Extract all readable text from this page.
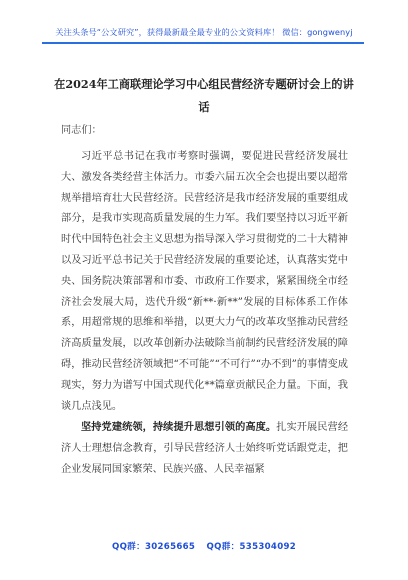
关注头条号“公文研究”，获得最新最全最专业的公文资料库！ 微信：gongwenyj
在2024年工商联理论学习中心组民营经济专题研讨会上的讲话
同志们：

习近平总书记在我市考察时强调，要促进民营经济发展壮大、激发各类经营主体活力。市委六届五次全会也提出要以超常规举措培育壮大民营经济。民营经济是我市经济发展的重要组成部分，是我市实现高质量发展的生力军。我们要坚持以习近平新时代中国特色社会主义思想为指导深入学习贯彻党的二十大精神以及习近平总书记关于民营经济发展的重要论述，认真落实党中央、国务院决策部署和市委、市政府工作要求，紧紧围绕全市经济社会发展大局，迭代升级“新**·新**”发展的目标体系工作体系，用超常规的思维和举措，以更大力气的改革攻坚推动民营经济高质量发展，以改革创新办法破除当前制约民营经济发展的障碍，推动民营经济领域把“不可能”“不可行”“办不到”的事情变成现实，努力为谱写中国式现代化**篇章贡献民企力量。下面，我谈几点浅见。

坚持党建统领，持续提升思想引领的高度。扎实开展民营经济人士理想信念教育，引导民营经济人士始终听党话跟党走，把企业发展同国家繁荣、民族兴盛、人民幸福紧

QQ群：30265665 QQ群：535304092
